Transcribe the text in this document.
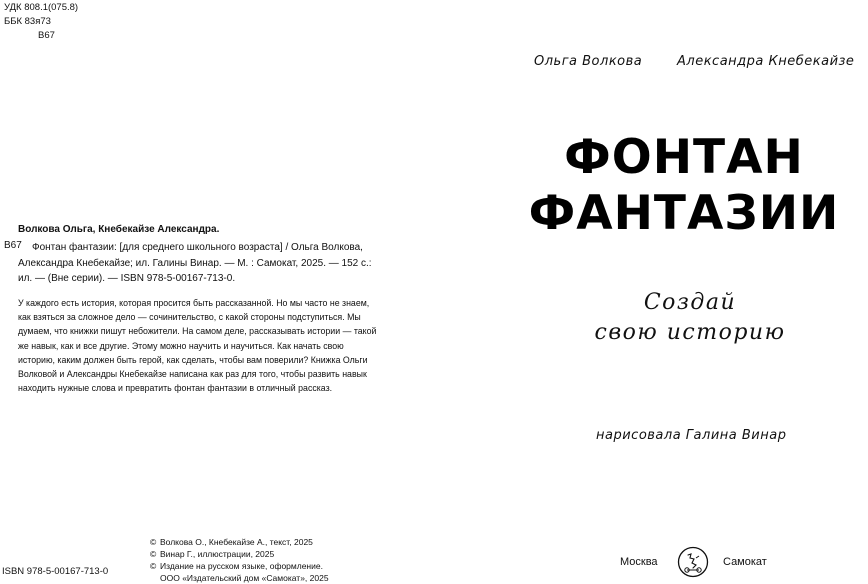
УДК 808.1(075.8)
ББК 83я73
В67
Волкова Ольга, Кнебекайзе Александра.
В67	Фонтан фантазии: [для среднего школьного возраста] / Ольга Волкова, Александра Кнебекайзе; ил. Галины Винар. — М. : Самокат, 2025. — 152 с.: ил. — (Вне серии). — ISBN 978-5-00167-713-0.
У каждого есть история, которая просится быть рассказанной. Но мы часто не знаем, как взяться за сложное дело — сочинительство, с какой стороны подступиться. Мы думаем, что книжки пишут небожители. На самом деле, рассказывать истории — такой же навык, как и все другие. Этому можно научить и научиться. Как начать свою историю, каким должен быть герой, как сделать, чтобы вам поверили? Книжка Ольги Волковой и Александры Кнебекайзе написана как раз для того, чтобы развить навык находить нужные слова и превратить фонтан фантазии в отличный рассказ.
© Волкова О., Кнебекайзе А., текст, 2025
© Винар Г., иллюстрации, 2025
© Издание на русском языке, оформление.
ООО «Издательский дом «Самокат», 2025
ISBN 978-5-00167-713-0
Ольга Волкова	Александра Кнебекайзе
ФОНТАН
ФАНТАЗИИ
Создай
свою историю
нарисовала Галина Винар
Москва	Самокат
